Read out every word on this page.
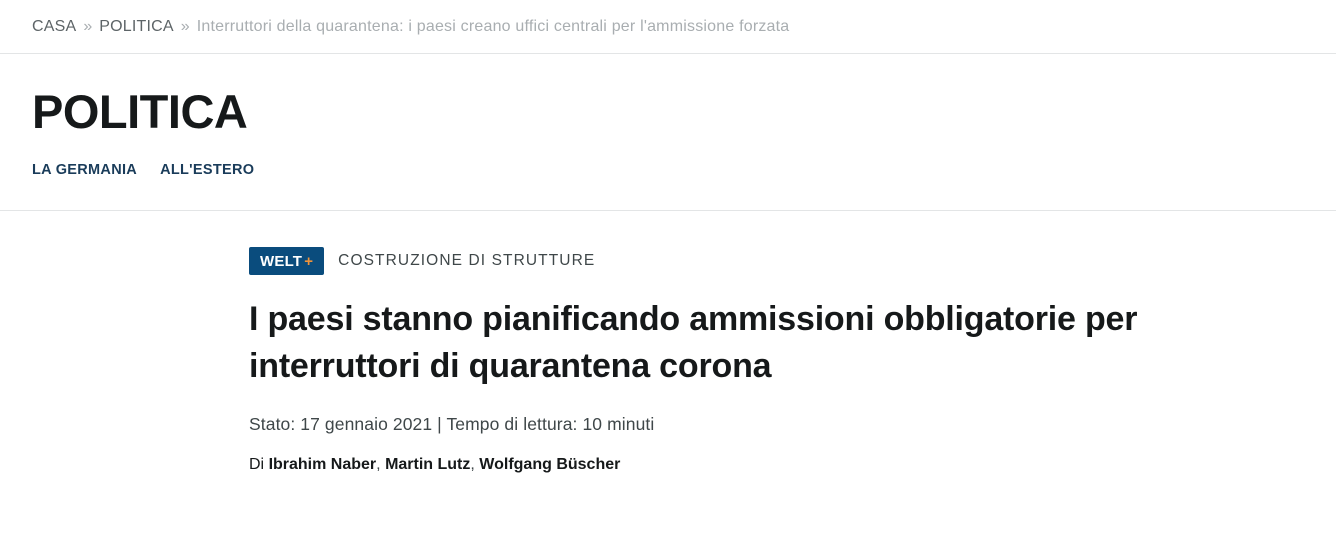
CASA » POLITICA » Interruttori della quarantena: i paesi creano uffici centrali per l'ammissione forzata
POLITICA
LA GERMANIA ALL'ESTERO
WELT + COSTRUZIONE DI STRUTTURE
I paesi stanno pianificando ammissioni obbligatorie per interruttori di quarantena corona
Stato: 17 gennaio 2021 | Tempo di lettura: 10 minuti
Di Ibrahim Naber, Martin Lutz, Wolfgang Büscher
